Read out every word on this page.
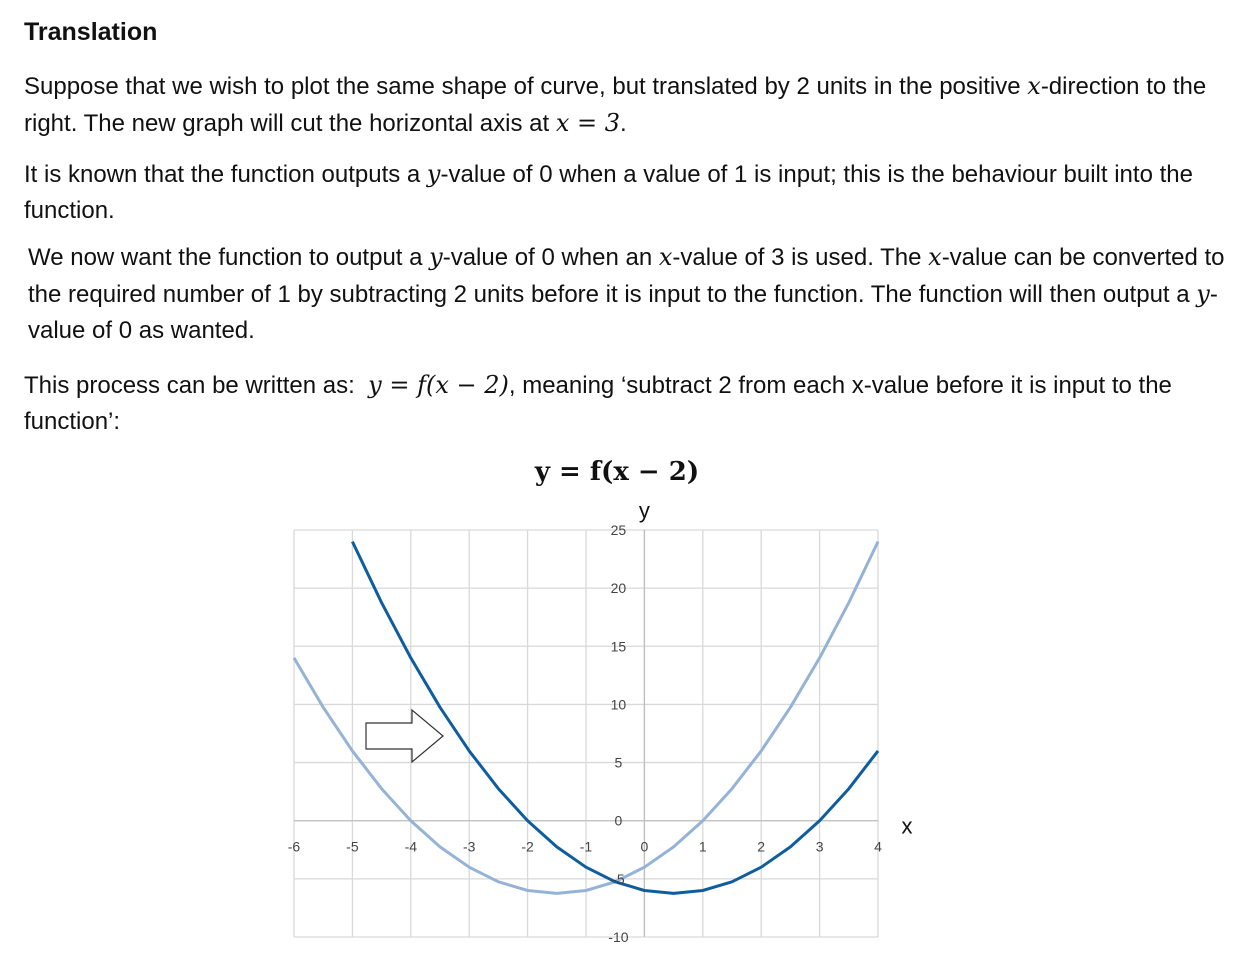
Translation
Suppose that we wish to plot the same shape of curve, but translated by 2 units in the positive x-direction to the right. The new graph will cut the horizontal axis at x = 3.
It is known that the function outputs a y-value of 0 when a value of 1 is input; this is the behaviour built into the function.
We now want the function to output a y-value of 0 when an x-value of 3 is used. The x-value can be converted to the required number of 1 by subtracting 2 units before it is input to the function. The function will then output a y-value of 0 as wanted.
This process can be written as: y = f(x − 2), meaning ‘subtract 2 from each x-value before it is input to the function’:
y = f(x − 2)
-6	-5	-4	-3	-2	-1	0	1	2	3	4
-10
-5
0
5
10
15
20
25
y
x
